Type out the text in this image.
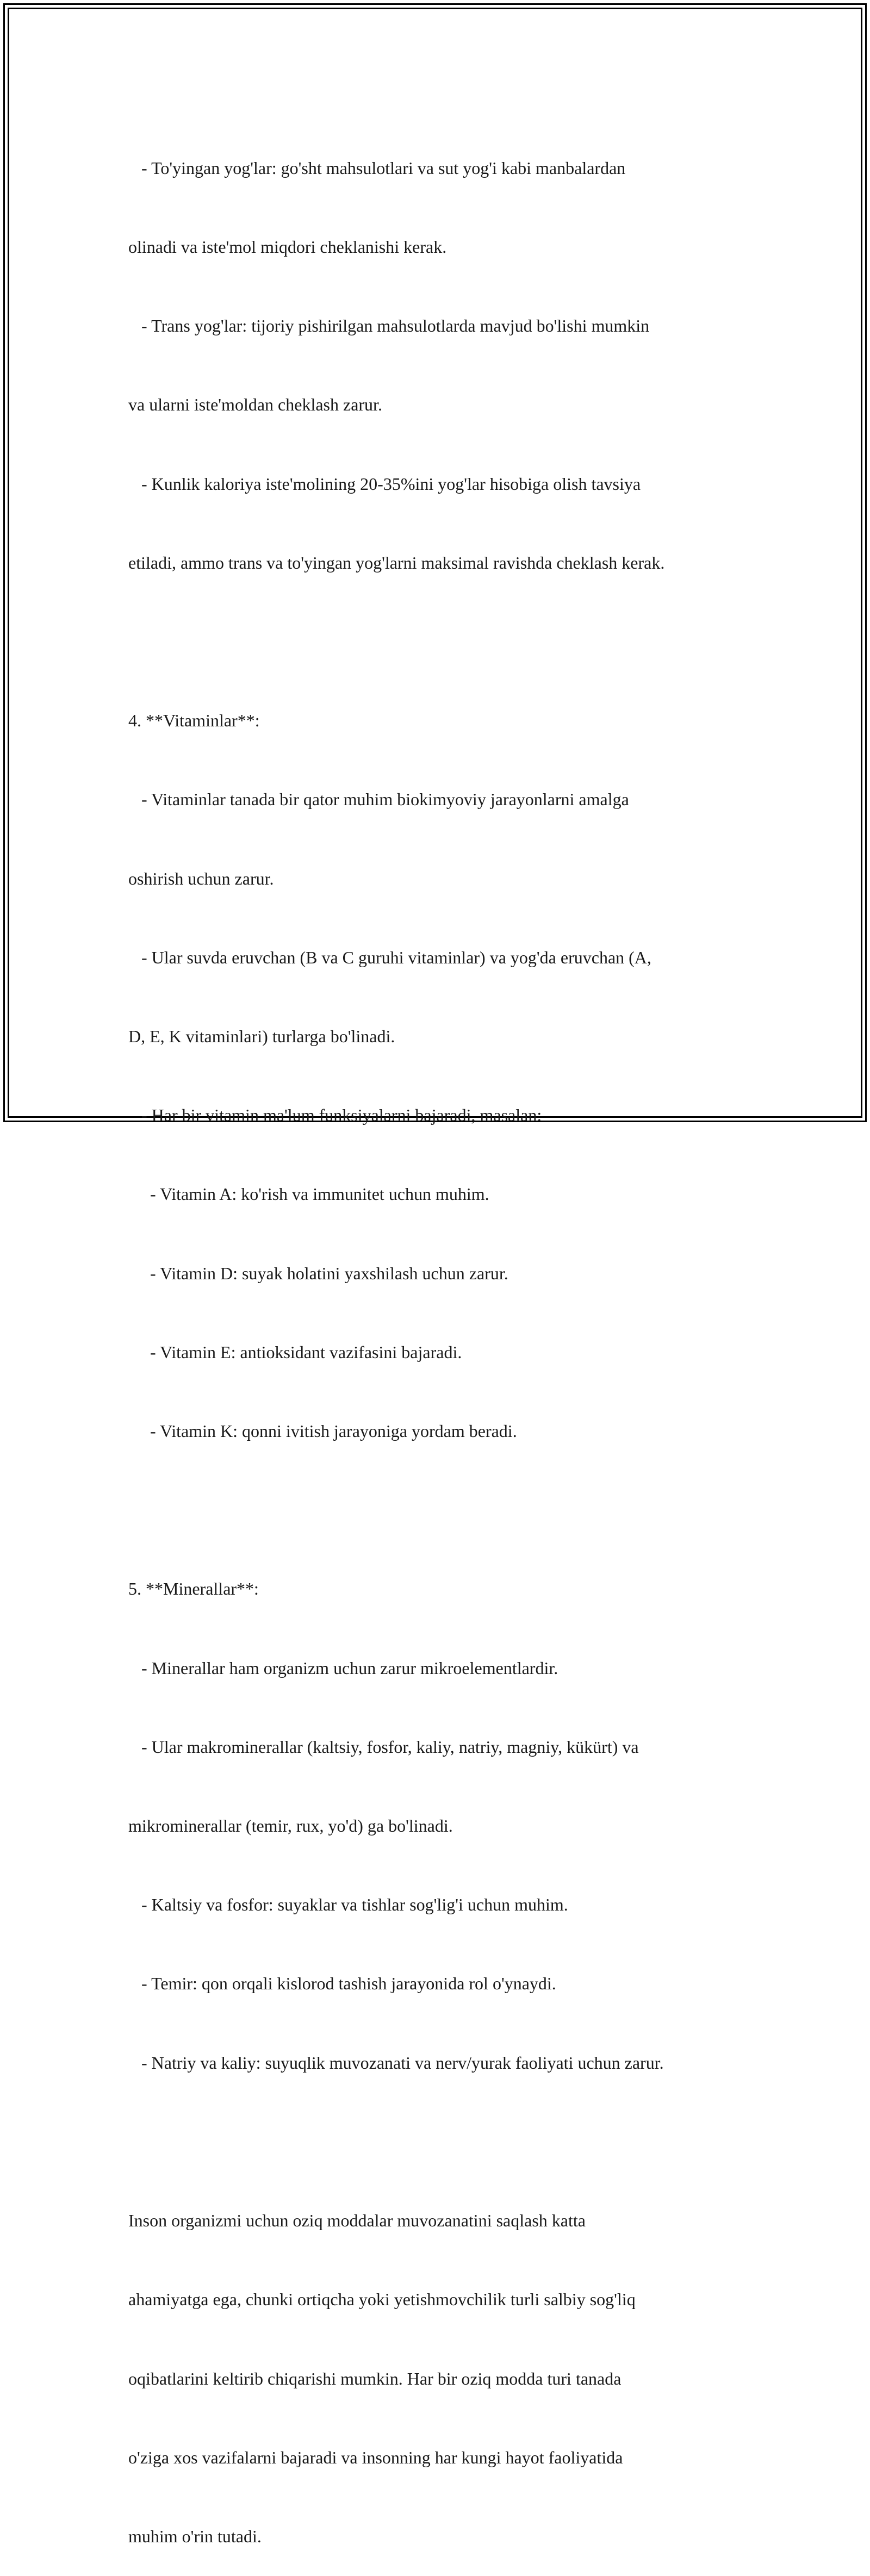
- To'yingan yog'lar: go'sht mahsulotlari va sut yog'i kabi manbalardan

olinadi va iste'mol miqdori cheklanishi kerak.

- Trans yog'lar: tijoriy pishirilgan mahsulotlarda mavjud bo'lishi mumkin

va ularni iste'moldan cheklash zarur.

- Kunlik kaloriya iste'molining 20-35%ini yog'lar hisobiga olish tavsiya

etiladi, ammo trans va to'yingan yog'larni maksimal ravishda cheklash kerak.

4. **Vitaminlar**:

- Vitaminlar tanada bir qator muhim biokimyoviy jarayonlarni amalga

oshirish uchun zarur.

- Ular suvda eruvchan (B va C guruhi vitaminlar) va yog'da eruvchan (A,

D, E, K vitaminlari) turlarga bo'linadi.

- Har bir vitamin ma'lum funksiyalarni bajaradi, masalan:

- Vitamin A: ko'rish va immunitet uchun muhim.

- Vitamin D: suyak holatini yaxshilash uchun zarur.

- Vitamin E: antioksidant vazifasini bajaradi.

- Vitamin K: qonni ivitish jarayoniga yordam beradi.

5. **Minerallar**:

- Minerallar ham organizm uchun zarur mikroelementlardir.

- Ular makrominerallar (kaltsiy, fosfor, kaliy, natriy, magniy, kükürt) va

mikrominerallar (temir, rux, yo'd) ga bo'linadi.

- Kaltsiy va fosfor: suyaklar va tishlar sog'lig'i uchun muhim.

- Temir: qon orqali kislorod tashish jarayonida rol o'ynaydi.

- Natriy va kaliy: suyuqlik muvozanati va nerv/yurak faoliyati uchun zarur.

Inson organizmi uchun oziq moddalar muvozanatini saqlash katta

ahamiyatga ega, chunki ortiqcha yoki yetishmovchilik turli salbiy sog'liq

oqibatlarini keltirib chiqarishi mumkin. Har bir oziq modda turi tanada

o'ziga xos vazifalarni bajaradi va insonning har kungi hayot faoliyatida

muhim o'rin tutadi.
